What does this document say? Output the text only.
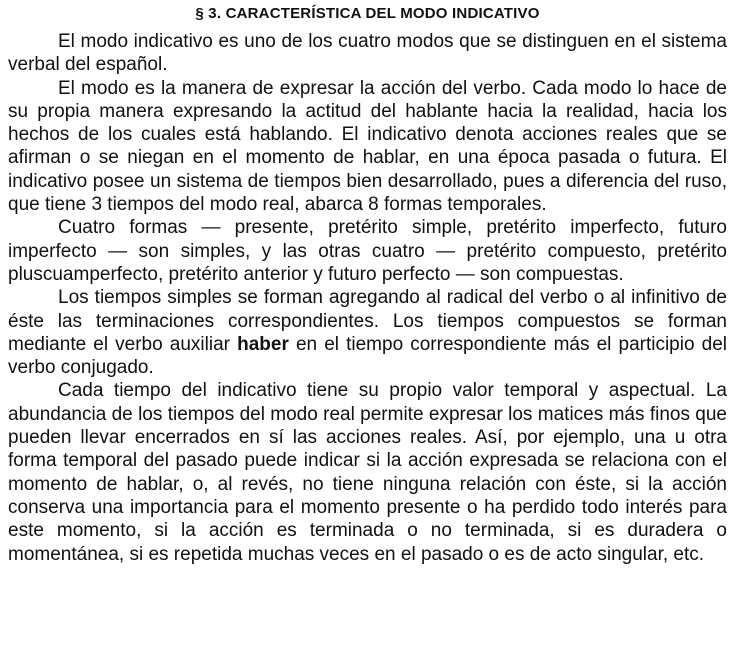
§ 3. CARACTERÍSTICA DEL MODO INDICATIVO

El modo indicativo es uno de los cuatro modos que se distinguen en el sistema verbal del español.

El modo es la manera de expresar la acción del verbo. Cada modo lo hace de su propia manera expresando la actitud del hablante hacia la realidad, hacia los hechos de los cuales está hablando. El indicativo denota acciones reales que se afirman o se niegan en el momento de hablar, en una época pasada o futura. El indicativo posee un sistema de tiempos bien desarrollado, pues a diferencia del ruso, que tiene 3 tiempos del modo real, abarca 8 formas temporales.

Cuatro formas — presente, pretérito simple, pretérito imperfecto, futuro imperfecto — son simples, y las otras cuatro — pretérito compuesto, pretérito pluscuamperfecto, pretérito anterior y futuro perfecto — son compuestas.

Los tiempos simples se forman agregando al radical del verbo o al infinitivo de éste las terminaciones correspondientes. Los tiempos compuestos se forman mediante el verbo auxiliar haber en el tiempo correspondiente más el participio del verbo conjugado.

Cada tiempo del indicativo tiene su propio valor temporal y aspectual. La abundancia de los tiempos del modo real permite expresar los matices más finos que pueden llevar encerrados en sí las acciones reales. Así, por ejemplo, una u otra forma temporal del pasado puede indicar si la acción expresada se relaciona con el momento de hablar, o, al revés, no tiene ninguna relación con éste, si la acción conserva una importancia para el momento presente o ha perdido todo interés para este momento, si la acción es terminada o no terminada, si es duradera o momentánea, si es repetida muchas veces en el pasado o es de acto singular, etc.
